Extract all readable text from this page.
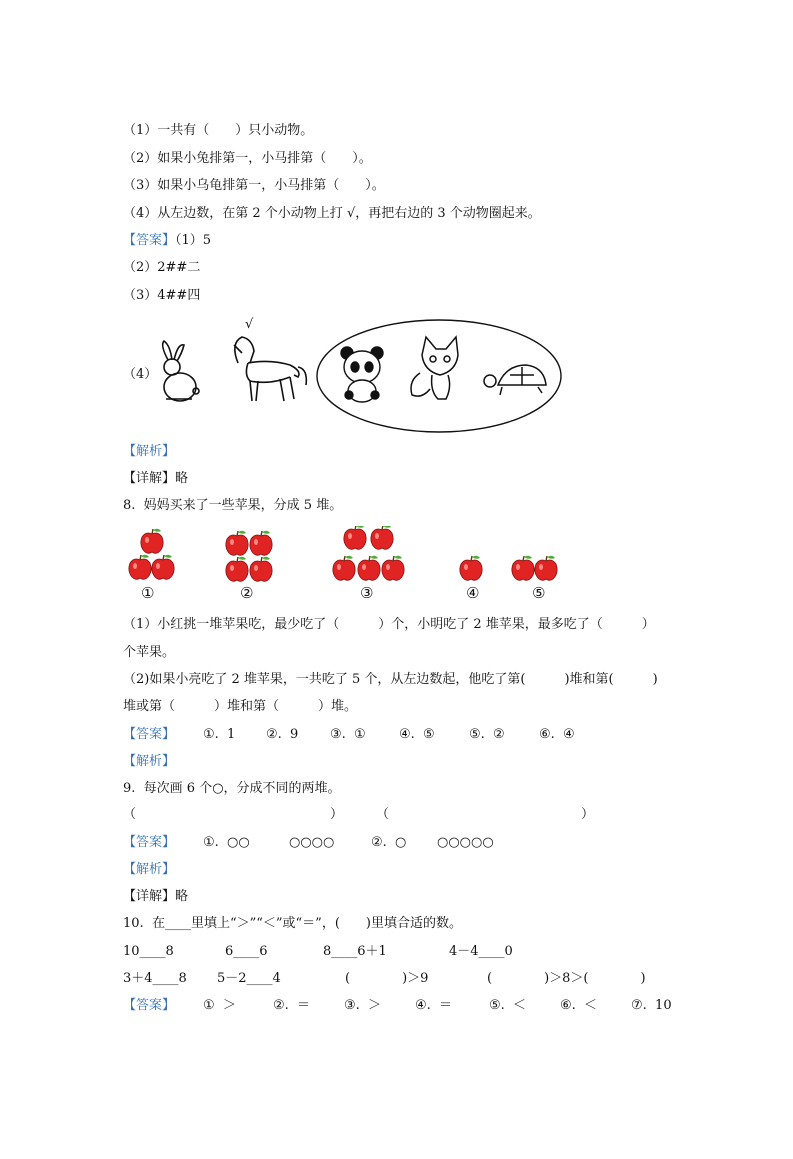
（1）一共有（　　）只小动物。
（2）如果小兔排第一，小马排第（　　）。
（3）如果小乌龟排第一，小马排第（　　）。
（4）从左边数，在第 2 个小动物上打 √，再把右边的 3 个动物圈起来。
【答案】（1）5
（2）2##二
（3）4##四
（4）
√
【解析】
【详解】略
8.  妈妈买来了一些苹果，分成 5 堆。
①	②	③	④	⑤
（1）小红挑一堆苹果吃，最少吃了（　　　）个，小明吃了 2 堆苹果，最多吃了（　　　）
个苹果。
（2)如果小亮吃了 2 堆苹果，一共吃了 5 个，从左边数起，他吃了第(　　　)堆和第(　　　)
堆或第（　　　）堆和第（　　　）堆。

【答案】

①.  1

②.  9

③.  ①

	④.  ⑤

	⑤.  ②

	⑥.  ④

【解析】
9.  每次画 6 个○，分成不同的两堆。

（

	）

	（

	）

【答案】

①.  ○○

	○○○○

	②.  ○

○○○○○

【解析】
【详解】略
10.  在____里填上“＞”“＜”或“＝”，(　　)里填合适的数。

10____8

	6____6

	8____6＋1

	4－4____0

3＋4____8

5－2____4

	(　　　　)＞9

	(　　　　)＞8＞(　　　　)

【答案】

①  ＞

	②.  ＝

	③.  ＞

	④.  ＝

	⑤.  ＜

	⑥.  ＜

	⑦.  10
